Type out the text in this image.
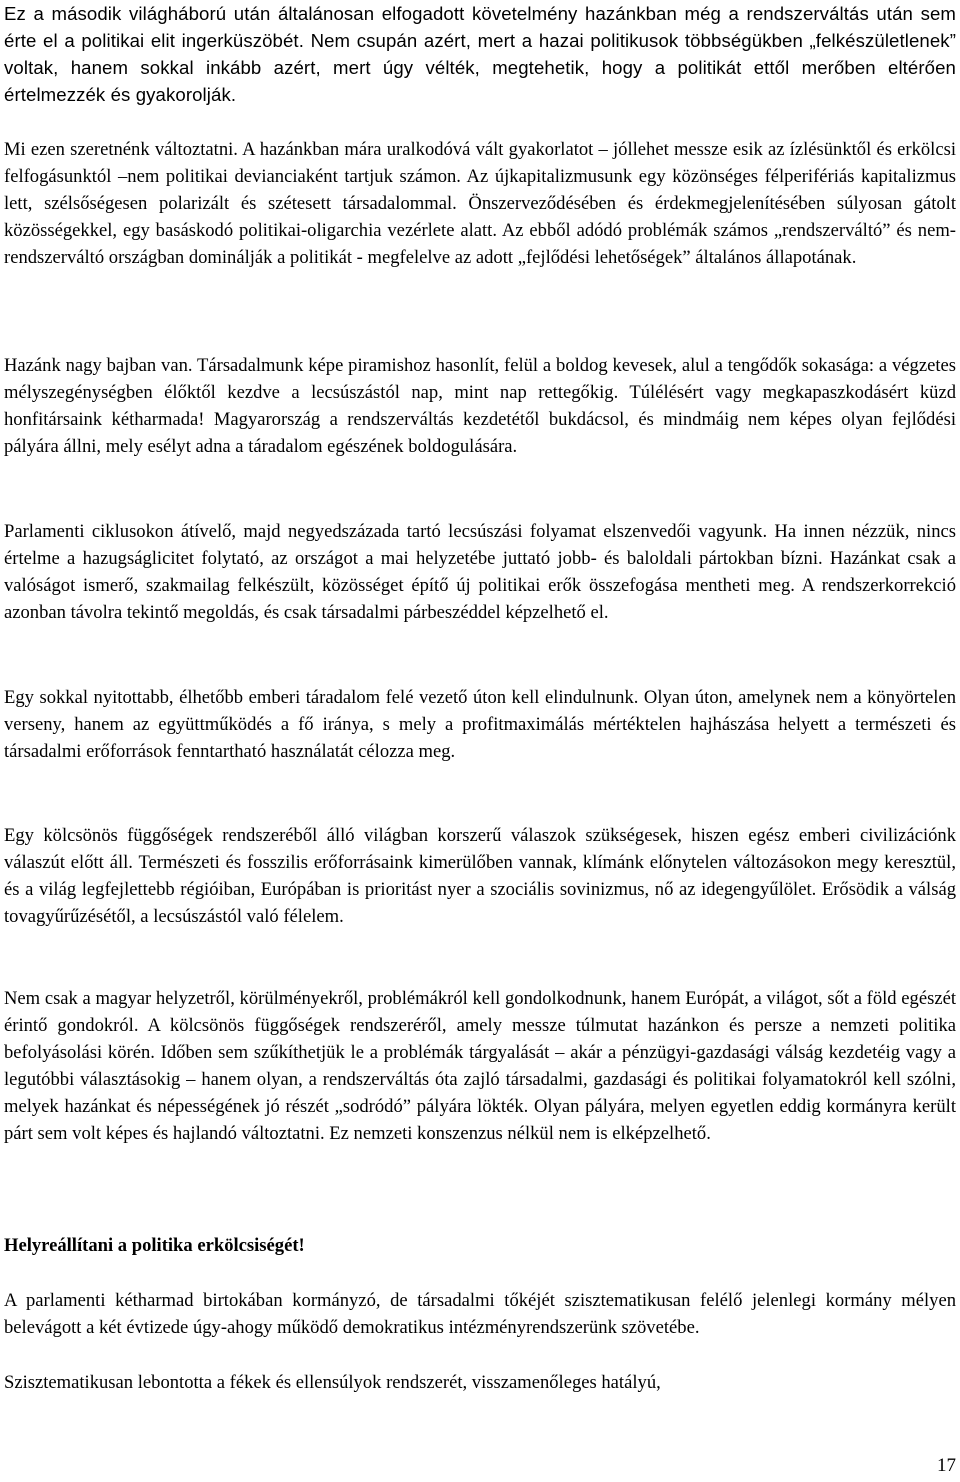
Ez a második világháború után általánosan elfogadott követelmény hazánkban még a rendszerváltás után sem érte el a politikai elit ingerküszöbét. Nem csupán azért, mert a hazai politikusok többségükben „felkészületlenek” voltak, hanem sokkal inkább azért, mert úgy vélték, megtehetik, hogy a politikát ettől merőben eltérően értelmezzék és gyakorolják.

Mi ezen szeretnénk változtatni. A hazánkban mára uralkodóvá vált gyakorlatot – jóllehet messze esik az ízlésünktől és erkölcsi felfogásunktól –nem politikai devianciaként tartjuk számon. Az újkapitalizmusunk egy közönséges félperifériás kapitalizmus lett, szélsőségesen polarizált és szétesett társadalommal. Önszerveződésében és érdekmegjelenítésében súlyosan gátolt közösségekkel, egy basáskodó politikai-oligarchia vezérlete alatt. Az ebből adódó problémák számos „rendszerváltó” és nem-rendszerváltó országban dominálják a politikát - megfelelve az adott „fejlődési lehetőségek” általános állapotának.

Hazánk nagy bajban van. Társadalmunk képe piramishoz hasonlít, felül a boldog kevesek, alul a tengődők sokasága: a végzetes mélyszegénységben élőktől kezdve a lecsúszástól nap, mint nap rettegőkig. Túlélésért vagy megkapaszkodásért küzd honfitársaink kétharmada! Magyarország a rendszerváltás kezdetétől bukdácsol, és mindmáig nem képes olyan fejlődési pályára állni, mely esélyt adna a táradalom egészének boldogulására.

Parlamenti ciklusokon átívelő, majd negyedszázada tartó lecsúszási folyamat elszenvedői vagyunk. Ha innen nézzük, nincs értelme a hazugságlicitet folytató, az országot a mai helyzetébe juttató jobb- és baloldali pártokban bízni. Hazánkat csak a valóságot ismerő, szakmailag felkészült, közösséget építő új politikai erők összefogása mentheti meg. A rendszerkorrekció azonban távolra tekintő megoldás, és csak társadalmi párbeszéddel képzelhető el.

Egy sokkal nyitottabb, élhetőbb emberi táradalom felé vezető úton kell elindulnunk. Olyan úton, amelynek nem a könyörtelen verseny, hanem az együttműködés a fő iránya, s mely a profitmaximálás mértéktelen hajhászása helyett a természeti és társadalmi erőforrások fenntartható használatát célozza meg.

Egy kölcsönös függőségek rendszeréből álló világban korszerű válaszok szükségesek, hiszen egész emberi civilizációnk válaszút előtt áll. Természeti és fosszilis erőforrásaink kimerülőben vannak, klímánk előnytelen változásokon megy keresztül, és a világ legfejlettebb régióiban, Európában is prioritást nyer a szociális sovinizmus, nő az idegengyűlölet. Erősödik a válság tovagyűrűzésétől, a lecsúszástól való félelem.

Nem csak a magyar helyzetről, körülményekről, problémákról kell gondolkodnunk, hanem Európát, a világot, sőt a föld egészét érintő gondokról. A kölcsönös függőségek rendszeréről, amely messze túlmutat hazánkon és persze a nemzeti politika befolyásolási körén. Időben sem szűkíthetjük le a problémák tárgyalását – akár a pénzügyi-gazdasági válság kezdetéig vagy a legutóbbi választásokig – hanem olyan, a rendszerváltás óta zajló társadalmi, gazdasági és politikai folyamatokról kell szólni, melyek hazánkat és népességének jó részét „sodródó” pályára lökték. Olyan pályára, melyen egyetlen eddig kormányra került párt sem volt képes és hajlandó változtatni. Ez nemzeti konszenzus nélkül nem is elképzelhető.

Helyreállítani a politika erkölcsiségét!

A parlamenti kétharmad birtokában kormányzó, de társadalmi tőkéjét szisztematikusan felélő jelenlegi kormány mélyen belevágott a két évtizede úgy-ahogy működő demokratikus intézményrendszerünk szövetébe.

Szisztematikusan lebontotta a fékek és ellensúlyok rendszerét, visszamenőleges hatályú,

17
